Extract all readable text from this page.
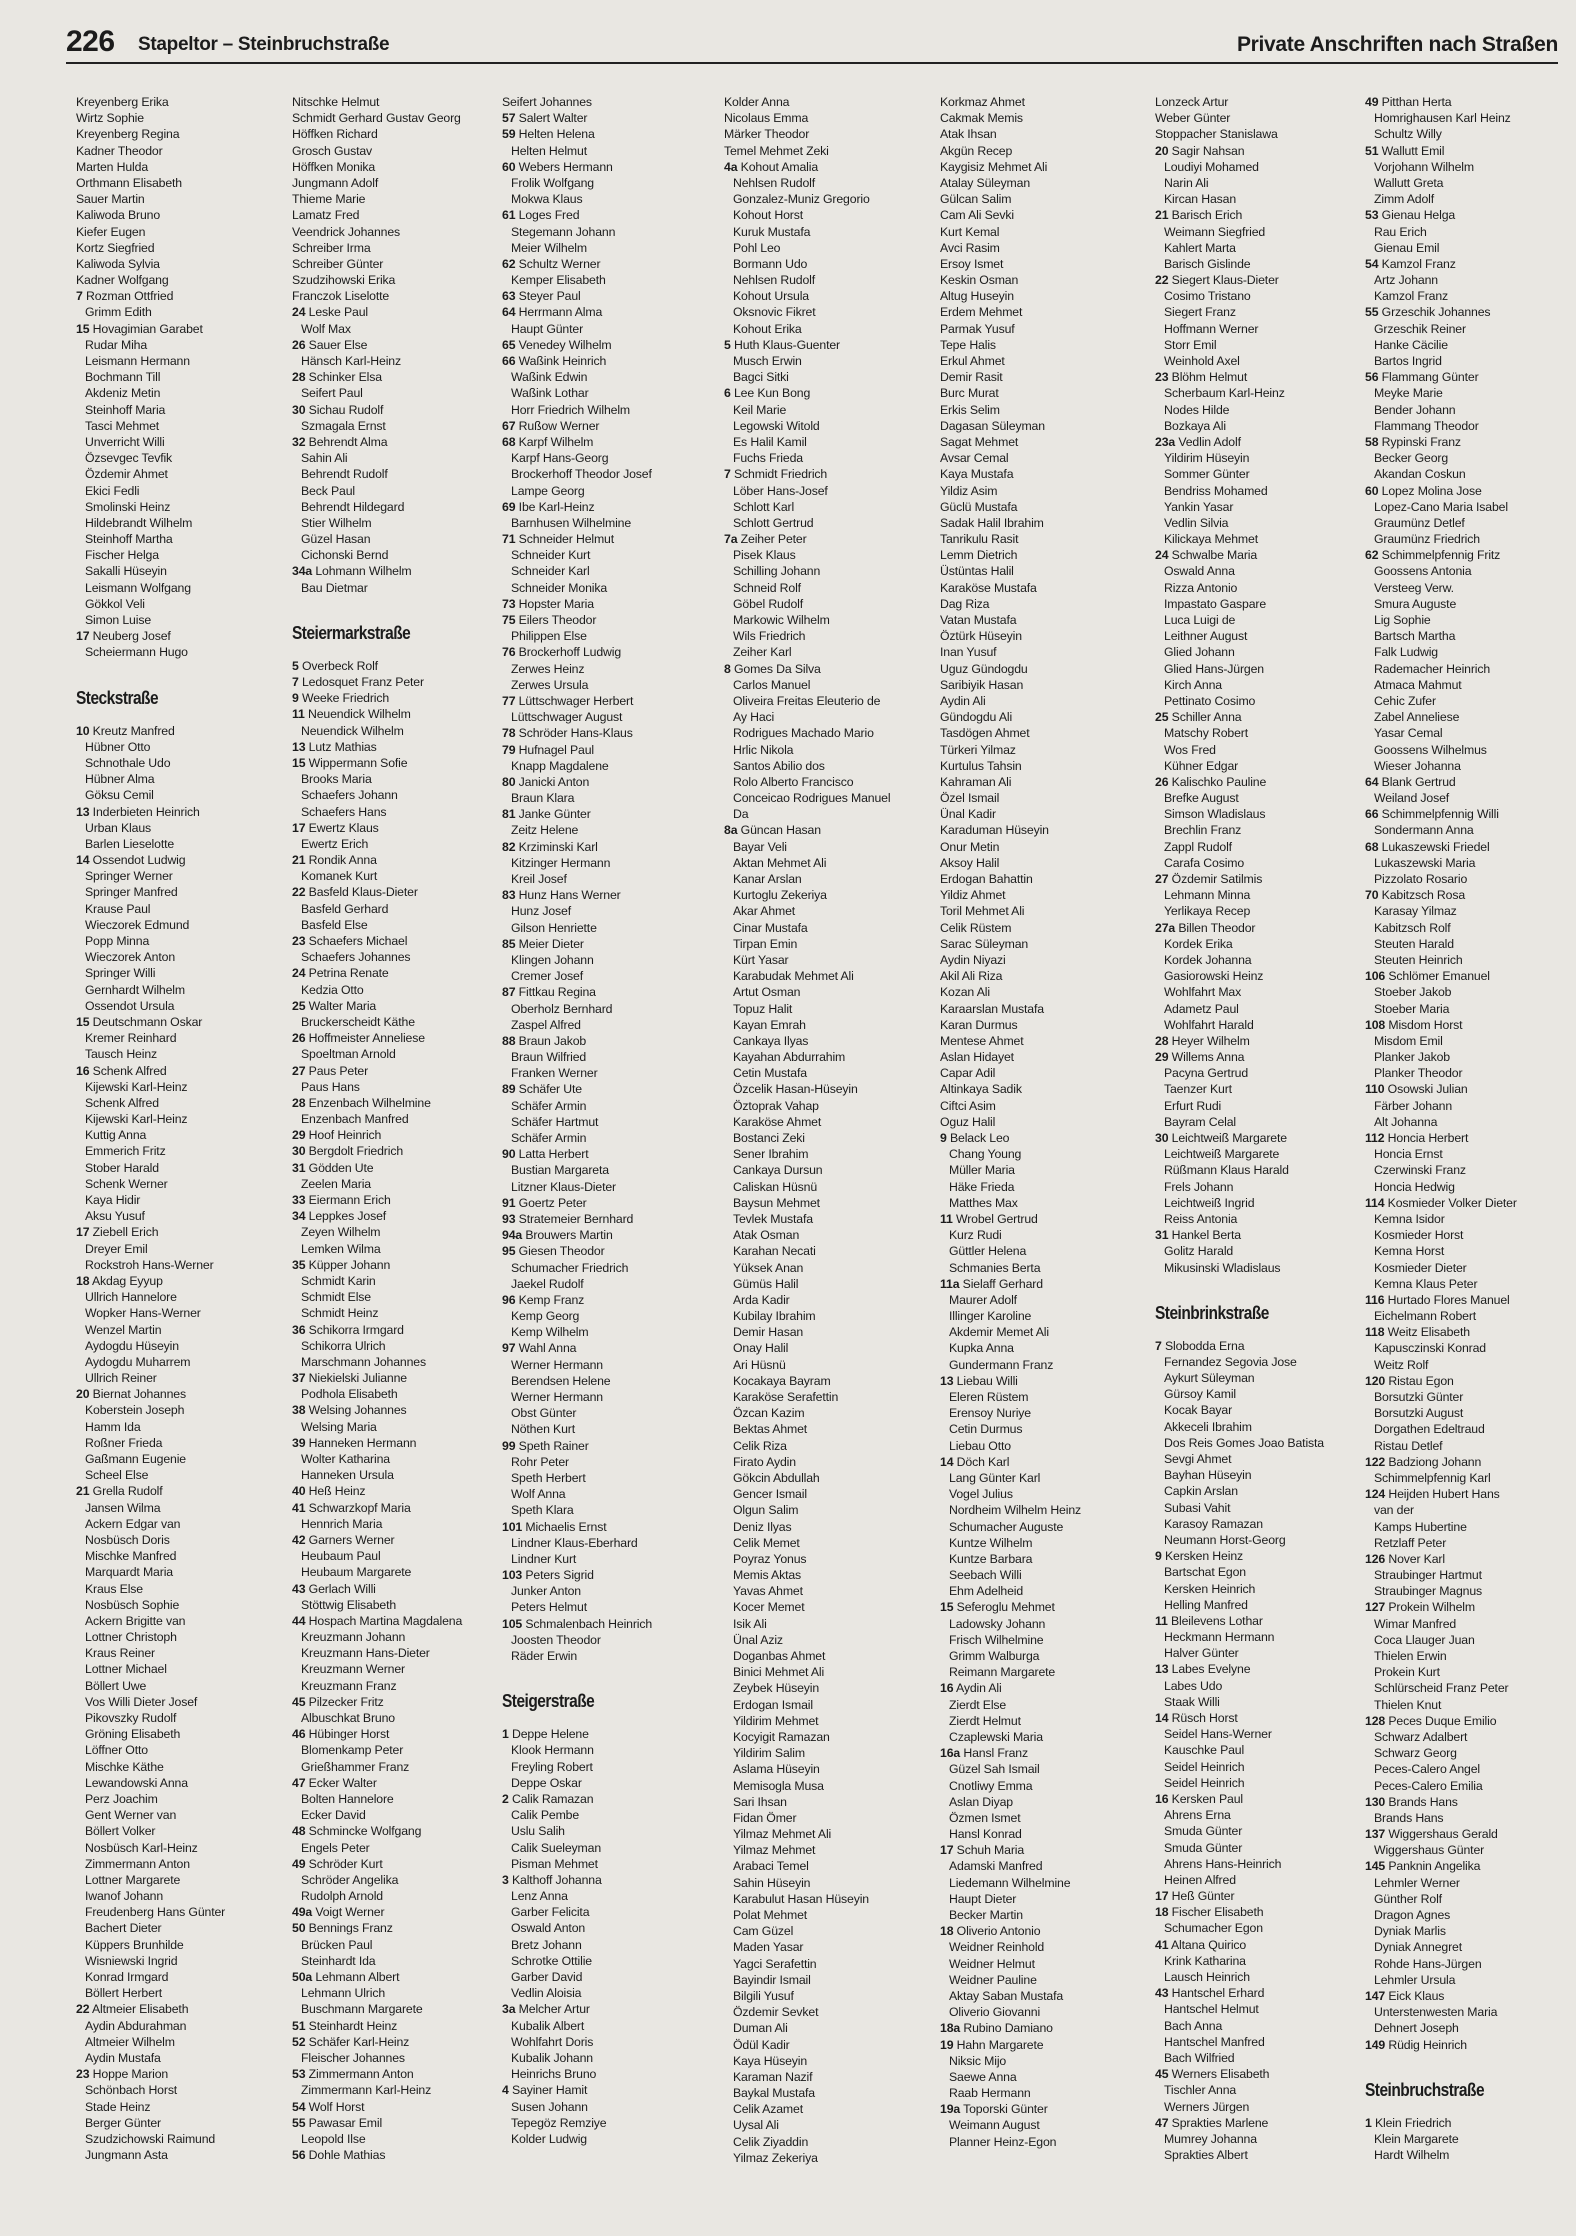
226 Stapeltor – Steinbruchstraße	Private Anschriften nach Straßen
Kreyenberg Erika
Wirtz Sophie
Kreyenberg Regina
Kadner Theodor
Marten Hulda
Orthmann Elisabeth
Sauer Martin
Kaliwoda Bruno
Kiefer Eugen
Kortz Siegfried
Kaliwoda Sylvia
Kadner Wolfgang
7 Rozman Ottfried
Grimm Edith
15 Hovagimian Garabet
Rudar Miha
Leismann Hermann
Bochmann Till
Akdeniz Metin
Steinhoff Maria
Tasci Mehmet
Unverricht Willi
Özsevgec Tevfik
Özdemir Ahmet
Ekici Fedli
Smolinski Heinz
Hildebrandt Wilhelm
Steinhoff Martha
Fischer Helga
Sakalli Hüseyin
Leismann Wolfgang
Gökkol Veli
Simon Luise
17 Neuberg Josef
Scheiermann Hugo
Steckstraße
10 Kreutz Manfred
Hübner Otto
Schnothale Udo
Hübner Alma
Göksu Cemil
13 Inderbieten Heinrich
Urban Klaus
Barlen Lieselotte
14 Ossendot Ludwig
Springer Werner
Springer Manfred
Krause Paul
Wieczorek Edmund
Popp Minna
Wieczorek Anton
Springer Willi
Gernhardt Wilhelm
Ossendot Ursula
15 Deutschmann Oskar
Kremer Reinhard
Tausch Heinz
16 Schenk Alfred
Kijewski Karl-Heinz
Schenk Alfred
Kijewski Karl-Heinz
Kuttig Anna
Emmerich Fritz
Stober Harald
Schenk Werner
Kaya Hidir
Aksu Yusuf
17 Ziebell Erich
Dreyer Emil
Rockstroh Hans-Werner
18 Akdag Eyyup
Ullrich Hannelore
Wopker Hans-Werner
Wenzel Martin
Aydogdu Hüseyin
Aydogdu Muharrem
Ullrich Reiner
20 Biernat Johannes
Koberstein Joseph
Hamm Ida
Roßner Frieda
Gaßmann Eugenie
Scheel Else
21 Grella Rudolf
Jansen Wilma
Ackern Edgar van
Nosbüsch Doris
Mischke Manfred
Marquardt Maria
Kraus Else
Nosbüsch Sophie
Ackern Brigitte van
Lottner Christoph
Kraus Reiner
Lottner Michael
Böllert Uwe
Vos Willi Dieter Josef
Pikovszky Rudolf
Gröning Elisabeth
Löffner Otto
Mischke Käthe
Lewandowski Anna
Perz Joachim
Gent Werner van
Böllert Volker
Nosbüsch Karl-Heinz
Zimmermann Anton
Lottner Margarete
Iwanof Johann
Freudenberg Hans Günter
Bachert Dieter
Küppers Brunhilde
Wisniewski Ingrid
Konrad Irmgard
Böllert Herbert
22 Altmeier Elisabeth
Aydin Abdurahman
Altmeier Wilhelm
Aydin Mustafa
23 Hoppe Marion
Schönbach Horst
Stade Heinz
Berger Günter
Szudzichowski Raimund
Jungmann Asta
Nitschke Helmut
Schmidt Gerhard Gustav Georg
Höffken Richard
Grosch Gustav
Höffken Monika
Jungmann Adolf
Thieme Marie
Lamatz Fred
Veendrick Johannes
Schreiber Irma
Schreiber Günter
Szudzihowski Erika
Franczok Liselotte
24 Leske Paul
Wolf Max
26 Sauer Else
Hänsch Karl-Heinz
28 Schinker Elsa
Seifert Paul
30 Sichau Rudolf
Szmagala Ernst
32 Behrendt Alma
Sahin Ali
Behrendt Rudolf
Beck Paul
Behrendt Hildegard
Stier Wilhelm
Güzel Hasan
Cichonski Bernd
34a Lohmann Wilhelm
Bau Dietmar
Steiermarkstraße
5 Overbeck Rolf
7 Ledosquet Franz Peter
9 Weeke Friedrich
11 Neuendick Wilhelm
Neuendick Wilhelm
13 Lutz Mathias
15 Wippermann Sofie
Brooks Maria
Schaefers Johann
Schaefers Hans
17 Ewertz Klaus
Ewertz Erich
21 Rondik Anna
Komanek Kurt
22 Basfeld Klaus-Dieter
Basfeld Gerhard
Basfeld Else
23 Schaefers Michael
Schaefers Johannes
24 Petrina Renate
Kedzia Otto
25 Walter Maria
Bruckerscheidt Käthe
26 Hoffmeister Anneliese
Spoeltman Arnold
27 Paus Peter
Paus Hans
28 Enzenbach Wilhelmine
Enzenbach Manfred
29 Hoof Heinrich
30 Bergdolt Friedrich
31 Gödden Ute
Zeelen Maria
33 Eiermann Erich
34 Leppkes Josef
Zeyen Wilhelm
Lemken Wilma
35 Küpper Johann
Schmidt Karin
Schmidt Else
Schmidt Heinz
36 Schikorra Irmgard
Schikorra Ulrich
Marschmann Johannes
37 Niekielski Julianne
Podhola Elisabeth
38 Welsing Johannes
Welsing Maria
39 Hanneken Hermann
Wolter Katharina
Hanneken Ursula
40 Heß Heinz
41 Schwarzkopf Maria
Hennrich Maria
42 Garners Werner
Heubaum Paul
Heubaum Margarete
43 Gerlach Willi
Stöttwig Elisabeth
44 Hospach Martina Magdalena
Kreuzmann Johann
Kreuzmann Hans-Dieter
Kreuzmann Werner
Kreuzmann Franz
45 Pilzecker Fritz
Albuschkat Bruno
46 Hübinger Horst
Blomenkamp Peter
Grießhammer Franz
47 Ecker Walter
Bolten Hannelore
Ecker David
48 Schmincke Wolfgang
Engels Peter
49 Schröder Kurt
Schröder Angelika
Rudolph Arnold
49a Voigt Werner
50 Bennings Franz
Brücken Paul
Steinhardt Ida
50a Lehmann Albert
Lehmann Ulrich
Buschmann Margarete
51 Steinhardt Heinz
52 Schäfer Karl-Heinz
Fleischer Johannes
53 Zimmermann Anton
Zimmermann Karl-Heinz
54 Wolf Horst
55 Pawasar Emil
Leopold Ilse
56 Dohle Mathias
Seifert Johannes
57 Salert Walter
59 Helten Helena
Helten Helmut
60 Webers Hermann
Frolik Wolfgang
Mokwa Klaus
61 Loges Fred
Stegemann Johann
Meier Wilhelm
62 Schultz Werner
Kemper Elisabeth
63 Steyer Paul
64 Herrmann Alma
Haupt Günter
65 Venedey Wilhelm
66 Waßink Heinrich
Waßink Edwin
Waßink Lothar
Horr Friedrich Wilhelm
67 Rußow Werner
68 Karpf Wilhelm
Karpf Hans-Georg
Brockerhoff Theodor Josef
Lampe Georg
69 Ibe Karl-Heinz
Barnhusen Wilhelmine
71 Schneider Helmut
Schneider Kurt
Schneider Karl
Schneider Monika
73 Hopster Maria
75 Eilers Theodor
Philippen Else
76 Brockerhoff Ludwig
Zerwes Heinz
Zerwes Ursula
77 Lüttschwager Herbert
Lüttschwager August
78 Schröder Hans-Klaus
79 Hufnagel Paul
Knapp Magdalene
80 Janicki Anton
Braun Klara
81 Janke Günter
Zeitz Helene
82 Krziminski Karl
Kitzinger Hermann
Kreil Josef
83 Hunz Hans Werner
Hunz Josef
Gilson Henriette
85 Meier Dieter
Klingen Johann
Cremer Josef
87 Fittkau Regina
Oberholz Bernhard
Zaspel Alfred
88 Braun Jakob
Braun Wilfried
Franken Werner
89 Schäfer Ute
Schäfer Armin
Schäfer Hartmut
Schäfer Armin
90 Latta Herbert
Bustian Margareta
Litzner Klaus-Dieter
91 Goertz Peter
93 Stratemeier Bernhard
94a Brouwers Martin
95 Giesen Theodor
Schumacher Friedrich
Jaekel Rudolf
96 Kemp Franz
Kemp Georg
Kemp Wilhelm
97 Wahl Anna
Werner Hermann
Berendsen Helene
Werner Hermann
Obst Günter
Nöthen Kurt
99 Speth Rainer
Rohr Peter
Speth Herbert
Wolf Anna
Speth Klara
101 Michaelis Ernst
Lindner Klaus-Eberhard
Lindner Kurt
103 Peters Sigrid
Junker Anton
Peters Helmut
105 Schmalenbach Heinrich
Joosten Theodor
Räder Erwin
Steigerstraße
1 Deppe Helene
Klook Hermann
Freyling Robert
Deppe Oskar
2 Calik Ramazan
Calik Pembe
Uslu Salih
Calik Sueleyman
Pisman Mehmet
3 Kalthoff Johanna
Lenz Anna
Garber Felicita
Oswald Anton
Bretz Johann
Schrotke Ottilie
Garber David
Vedlin Aloisia
3a Melcher Artur
Kubalik Albert
Wohlfahrt Doris
Kubalik Johann
Heinrichs Bruno
4 Sayiner Hamit
Susen Johann
Tepegöz Remziye
Kolder Ludwig
Kolder Anna
Nicolaus Emma
Märker Theodor
Temel Mehmet Zeki
4a Kohout Amalia
Nehlsen Rudolf
Gonzalez-Muniz Gregorio
Kohout Horst
Kuruk Mustafa
Pohl Leo
Bormann Udo
Nehlsen Rudolf
Kohout Ursula
Oksnovic Fikret
Kohout Erika
5 Huth Klaus-Guenter
Musch Erwin
Bagci Sitki
6 Lee Kun Bong
Keil Marie
Legowski Witold
Es Halil Kamil
Fuchs Frieda
7 Schmidt Friedrich
Löber Hans-Josef
Schlott Karl
Schlott Gertrud
7a Zeiher Peter
Pisek Klaus
Schilling Johann
Schneid Rolf
Göbel Rudolf
Markowic Wilhelm
Wils Friedrich
Zeiher Karl
8 Gomes Da Silva
Carlos Manuel
Oliveira Freitas Eleuterio de
Ay Haci
Rodrigues Machado Mario
Hrlic Nikola
Santos Abilio dos
Rolo Alberto Francisco
Conceicao Rodrigues Manuel
Da
8a Güncan Hasan
Bayar Veli
Aktan Mehmet Ali
Kanar Arslan
Kurtoglu Zekeriya
Akar Ahmet
Cinar Mustafa
Tirpan Emin
Kürt Yasar
Karabudak Mehmet Ali
Artut Osman
Topuz Halit
Kayan Emrah
Cankaya Ilyas
Kayahan Abdurrahim
Cetin Mustafa
Özcelik Hasan-Hüseyin
Öztoprak Vahap
Karaköse Ahmet
Bostanci Zeki
Sener Ibrahim
Cankaya Dursun
Caliskan Hüsnü
Baysun Mehmet
Tevlek Mustafa
Atak Osman
Karahan Necati
Yüksek Anan
Gümüs Halil
Arda Kadir
Kubilay Ibrahim
Demir Hasan
Onay Halil
Ari Hüsnü
Kocakaya Bayram
Karaköse Serafettin
Özcan Kazim
Bektas Ahmet
Celik Riza
Firato Aydin
Gökcin Abdullah
Gencer Ismail
Olgun Salim
Deniz Ilyas
Celik Memet
Poyraz Yonus
Memis Aktas
Yavas Ahmet
Kocer Memet
Isik Ali
Ünal Aziz
Doganbas Ahmet
Binici Mehmet Ali
Zeybek Hüseyin
Erdogan Ismail
Yildirim Mehmet
Kocyigit Ramazan
Yildirim Salim
Aslama Hüseyin
Memisogla Musa
Sari Ihsan
Fidan Ömer
Yilmaz Mehmet Ali
Yilmaz Mehmet
Arabaci Temel
Sahin Hüseyin
Karabulut Hasan Hüseyin
Polat Mehmet
Cam Güzel
Maden Yasar
Yagci Serafettin
Bayindir Ismail
Bilgili Yusuf
Özdemir Sevket
Duman Ali
Ödül Kadir
Kaya Hüseyin
Karaman Nazif
Baykal Mustafa
Celik Azamet
Uysal Ali
Celik Ziyaddin
Yilmaz Zekeriya
Korkmaz Ahmet
Cakmak Memis
Atak Ihsan
Akgün Recep
Kaygisiz Mehmet Ali
Atalay Süleyman
Gülcan Salim
Cam Ali Sevki
Kurt Kemal
Avci Rasim
Ersoy Ismet
Keskin Osman
Altug Huseyin
Erdem Mehmet
Parmak Yusuf
Tepe Halis
Erkul Ahmet
Demir Rasit
Burc Murat
Erkis Selim
Dagasan Süleyman
Sagat Mehmet
Avsar Cemal
Kaya Mustafa
Yildiz Asim
Güclü Mustafa
Sadak Halil Ibrahim
Tanrikulu Rasit
Lemm Dietrich
Üstüntas Halil
Karaköse Mustafa
Dag Riza
Vatan Mustafa
Öztürk Hüseyin
Inan Yusuf
Uguz Gündogdu
Saribiyik Hasan
Aydin Ali
Gündogdu Ali
Tasdögen Ahmet
Türkeri Yilmaz
Kurtulus Tahsin
Kahraman Ali
Özel Ismail
Ünal Kadir
Karaduman Hüseyin
Onur Metin
Aksoy Halil
Erdogan Bahattin
Yildiz Ahmet
Toril Mehmet Ali
Celik Rüstem
Sarac Süleyman
Aydin Niyazi
Akil Ali Riza
Kozan Ali
Karaarslan Mustafa
Karan Durmus
Mentese Ahmet
Aslan Hidayet
Capar Adil
Altinkaya Sadik
Ciftci Asim
Oguz Halil
9 Belack Leo
Chang Young
Müller Maria
Häke Frieda
Matthes Max
11 Wrobel Gertrud
Kurz Rudi
Güttler Helena
Schmanies Berta
11a Sielaff Gerhard
Maurer Adolf
Illinger Karoline
Akdemir Memet Ali
Kupka Anna
Gundermann Franz
13 Liebau Willi
Eleren Rüstem
Erensoy Nuriye
Cetin Durmus
Liebau Otto
14 Döch Karl
Lang Günter Karl
Vogel Julius
Nordheim Wilhelm Heinz
Schumacher Auguste
Kuntze Wilhelm
Kuntze Barbara
Seebach Willi
Ehm Adelheid
15 Seferoglu Mehmet
Ladowsky Johann
Frisch Wilhelmine
Grimm Walburga
Reimann Margarete
16 Aydin Ali
Zierdt Else
Zierdt Helmut
Czaplewski Maria
16a Hansl Franz
Güzel Sah Ismail
Cnotliwy Emma
Aslan Diyap
Özmen Ismet
Hansl Konrad
17 Schuh Maria
Adamski Manfred
Liedemann Wilhelmine
Haupt Dieter
Becker Martin
18 Oliverio Antonio
Weidner Reinhold
Weidner Helmut
Weidner Pauline
Aktay Saban Mustafa
Oliverio Giovanni
18a Rubino Damiano
19 Hahn Margarete
Niksic Mijo
Saewe Anna
Raab Hermann
19a Toporski Günter
Weimann August
Planner Heinz-Egon
Lonzeck Artur
Weber Günter
Stoppacher Stanislawa
20 Sagir Nahsan
Loudiyi Mohamed
Narin Ali
Kircan Hasan
21 Barisch Erich
Weimann Siegfried
Kahlert Marta
Barisch Gislinde
22 Siegert Klaus-Dieter
Cosimo Tristano
Siegert Franz
Hoffmann Werner
Storr Emil
Weinhold Axel
23 Blöhm Helmut
Scherbaum Karl-Heinz
Nodes Hilde
Bozkaya Ali
23a Vedlin Adolf
Yildirim Hüseyin
Sommer Günter
Bendriss Mohamed
Yankin Yasar
Vedlin Silvia
Kilickaya Mehmet
24 Schwalbe Maria
Oswald Anna
Rizza Antonio
Impastato Gaspare
Luca Luigi de
Leithner August
Glied Johann
Glied Hans-Jürgen
Kirch Anna
Pettinato Cosimo
25 Schiller Anna
Matschy Robert
Wos Fred
Kühner Edgar
26 Kalischko Pauline
Brefke August
Simson Wladislaus
Brechlin Franz
Zappl Rudolf
Carafa Cosimo
27 Özdemir Satilmis
Lehmann Minna
Yerlikaya Recep
27a Billen Theodor
Kordek Erika
Kordek Johanna
Gasiorowski Heinz
Wohlfahrt Max
Adametz Paul
Wohlfahrt Harald
28 Heyer Wilhelm
29 Willems Anna
Pacyna Gertrud
Taenzer Kurt
Erfurt Rudi
Bayram Celal
30 Leichtweiß Margarete
Leichtweiß Margarete
Rüßmann Klaus Harald
Frels Johann
Leichtweiß Ingrid
Reiss Antonia
31 Hankel Berta
Golitz Harald
Mikusinski Wladislaus
Steinbrinkstraße
7 Slobodda Erna
Fernandez Segovia Jose
Aykurt Süleyman
Gürsoy Kamil
Kocak Bayar
Akkeceli Ibrahim
Dos Reis Gomes Joao Batista
Sevgi Ahmet
Bayhan Hüseyin
Capkin Arslan
Subasi Vahit
Karasoy Ramazan
Neumann Horst-Georg
9 Kersken Heinz
Bartschat Egon
Kersken Heinrich
Helling Manfred
11 Bleilevens Lothar
Heckmann Hermann
Halver Günter
13 Labes Evelyne
Labes Udo
Staak Willi
14 Rüsch Horst
Seidel Hans-Werner
Kauschke Paul
Seidel Heinrich
Seidel Heinrich
16 Kersken Paul
Ahrens Erna
Smuda Günter
Smuda Günter
Ahrens Hans-Heinrich
Heinen Alfred
17 Heß Günter
18 Fischer Elisabeth
Schumacher Egon
41 Altana Quirico
Krink Katharina
Lausch Heinrich
43 Hantschel Erhard
Hantschel Helmut
Bach Anna
Hantschel Manfred
Bach Wilfried
45 Werners Elisabeth
Tischler Anna
Werners Jürgen
47 Sprakties Marlene
Mumrey Johanna
Sprakties Albert
49 Pitthan Herta
Homrighausen Karl Heinz
Schultz Willy
51 Wallutt Emil
Vorjohann Wilhelm
Wallutt Greta
Zimm Adolf
53 Gienau Helga
Rau Erich
Gienau Emil
54 Kamzol Franz
Artz Johann
Kamzol Franz
55 Grzeschik Johannes
Grzeschik Reiner
Hanke Cäcilie
Bartos Ingrid
56 Flammang Günter
Meyke Marie
Bender Johann
Flammang Theodor
58 Rypinski Franz
Becker Georg
Akandan Coskun
60 Lopez Molina Jose
Lopez-Cano Maria Isabel
Graumünz Detlef
Graumünz Friedrich
62 Schimmelpfennig Fritz
Goossens Antonia
Versteeg Verw.
Smura Auguste
Lig Sophie
Bartsch Martha
Falk Ludwig
Rademacher Heinrich
Atmaca Mahmut
Cehic Zufer
Zabel Anneliese
Yasar Cemal
Goossens Wilhelmus
Wieser Johanna
64 Blank Gertrud
Weiland Josef
66 Schimmelpfennig Willi
Sondermann Anna
68 Lukaszewski Friedel
Lukaszewski Maria
Pizzolato Rosario
70 Kabitzsch Rosa
Karasay Yilmaz
Kabitzsch Rolf
Steuten Harald
Steuten Heinrich
106 Schlömer Emanuel
Stoeber Jakob
Stoeber Maria
108 Misdom Horst
Misdom Emil
Planker Jakob
Planker Theodor
110 Osowski Julian
Färber Johann
Alt Johanna
112 Honcia Herbert
Honcia Ernst
Czerwinski Franz
Honcia Hedwig
114 Kosmieder Volker Dieter
Kemna Isidor
Kosmieder Horst
Kemna Horst
Kosmieder Dieter
Kemna Klaus Peter
116 Hurtado Flores Manuel
Eichelmann Robert
118 Weitz Elisabeth
Kapusczinski Konrad
Weitz Rolf
120 Ristau Egon
Borsutzki Günter
Borsutzki August
Dorgathen Edeltraud
Ristau Detlef
122 Badziong Johann
Schimmelpfennig Karl
124 Heijden Hubert Hans
van der
Kamps Hubertine
Retzlaff Peter
126 Nover Karl
Straubinger Hartmut
Straubinger Magnus
127 Prokein Wilhelm
Wimar Manfred
Coca Llauger Juan
Thielen Erwin
Prokein Kurt
Schlürscheid Franz Peter
Thielen Knut
128 Peces Duque Emilio
Schwarz Adalbert
Schwarz Georg
Peces-Calero Angel
Peces-Calero Emilia
130 Brands Hans
Brands Hans
137 Wiggershaus Gerald
Wiggershaus Günter
145 Panknin Angelika
Lehmler Werner
Günther Rolf
Dragon Agnes
Dyniak Marlis
Dyniak Annegret
Rohde Hans-Jürgen
Lehmler Ursula
147 Eick Klaus
Unterstenwesten Maria
Dehnert Joseph
149 Rüdig Heinrich
Steinbruchstraße
1 Klein Friedrich
Klein Margarete
Hardt Wilhelm
